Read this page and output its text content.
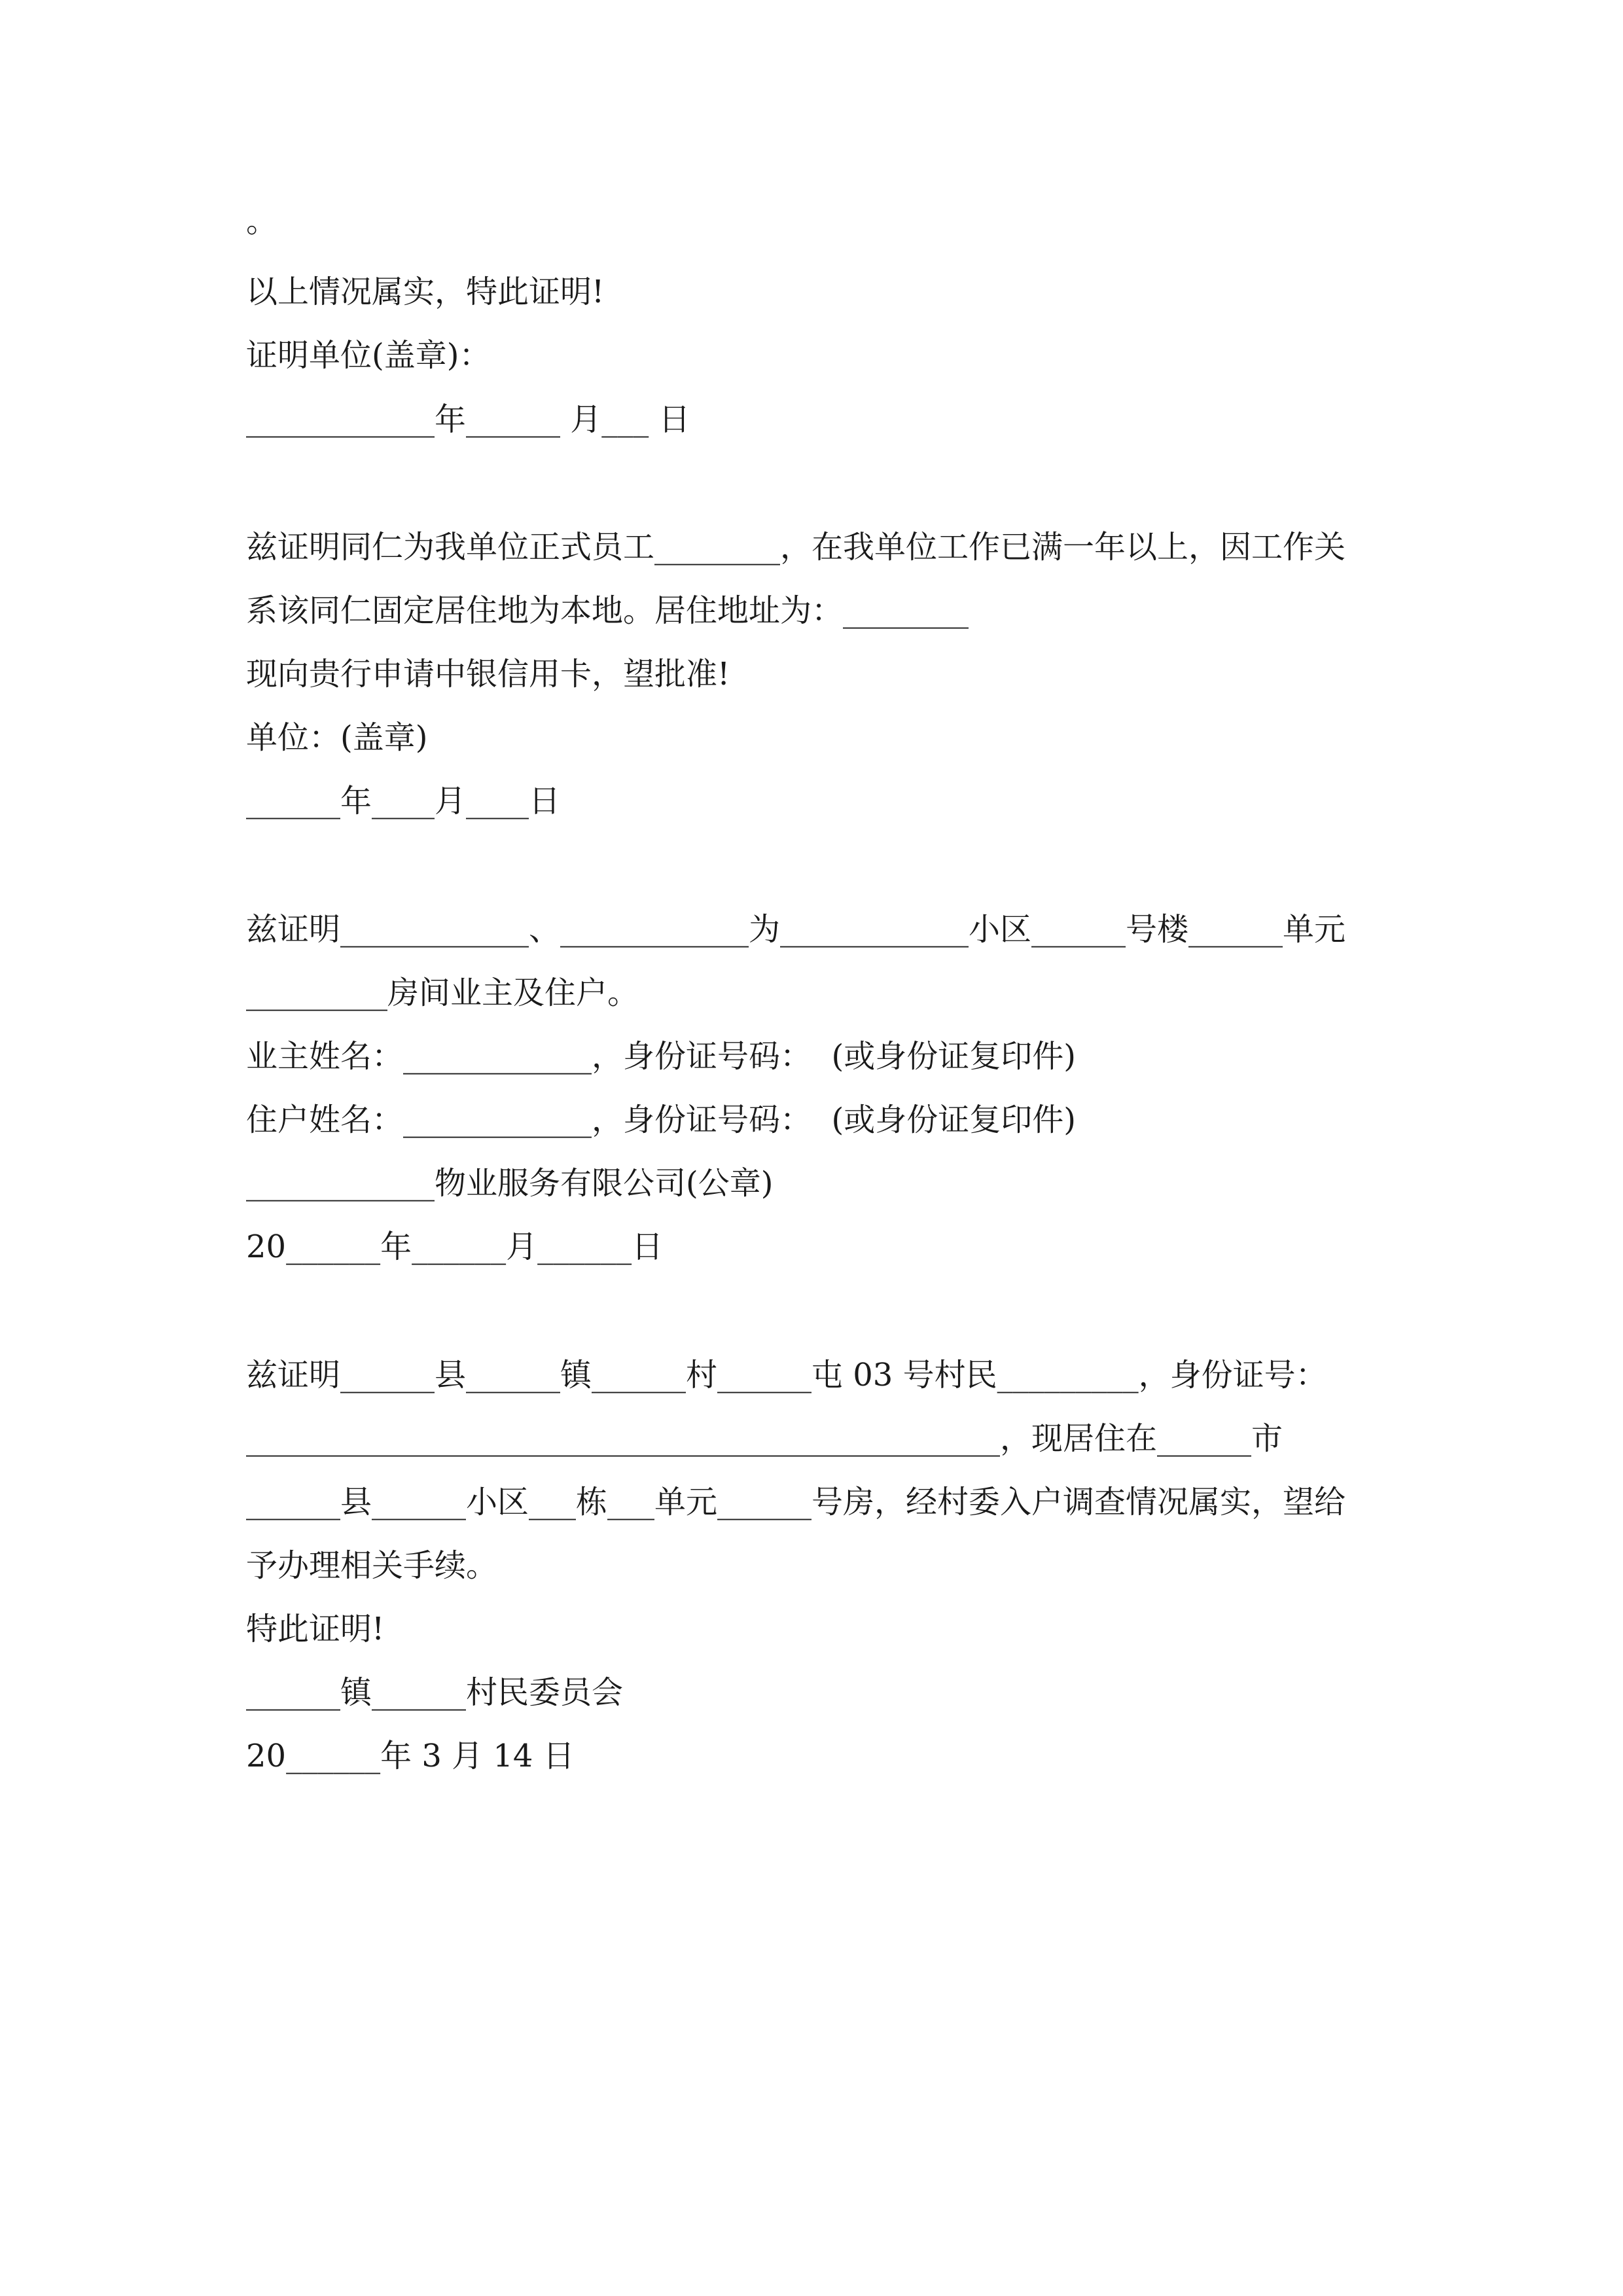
。
以上情况属实，特此证明!
证明单位(盖章)：
____________年______ 月___ 日
兹证明同仁为我单位正式员工________，在我单位工作已满一年以上，因工作关
系该同仁固定居住地为本地。居住地址为：________
现向贵行申请中银信用卡，望批准!
单位：(盖章)
______年____月____日
兹证明____________、____________为____________小区______号楼______单元
_________房间业主及住户。
业主姓名：____________，身份证号码：  (或身份证复印件)
住户姓名：____________，身份证号码：  (或身份证复印件)
____________物业服务有限公司(公章)
20______年______月______日
兹证明______县______镇______村______屯 03 号村民_________，身份证号：
________________________________________________，现居住在______市
______县______小区___栋___单元______号房，经村委入户调查情况属实，望给
予办理相关手续。
特此证明!
______镇______村民委员会
20______年 3 月 14 日
